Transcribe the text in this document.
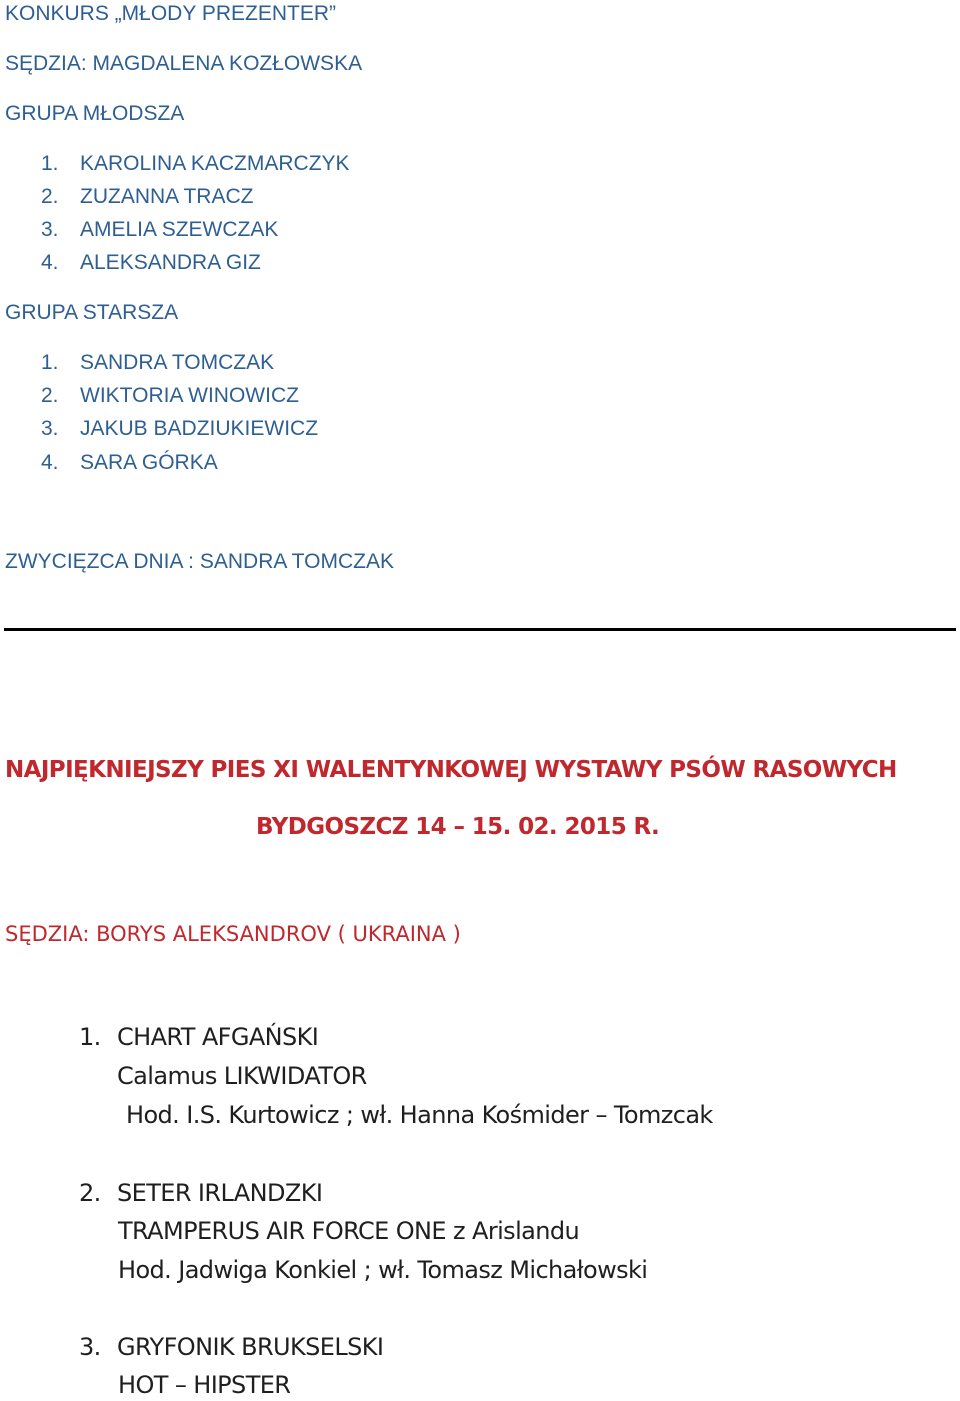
KONKURS „MŁODY PREZENTER”
SĘDZIA: MAGDALENA KOZŁOWSKA
GRUPA MŁODSZA
1.	KAROLINA KACZMARCZYK
2.	ZUZANNA TRACZ
3.	AMELIA SZEWCZAK
4.	ALEKSANDRA GIZ
GRUPA STARSZA
1.	SANDRA TOMCZAK
2.	WIKTORIA WINOWICZ
3.	JAKUB BADZIUKIEWICZ
4.	SARA GÓRKA
ZWYCIĘZCA DNIA : SANDRA TOMCZAK
NAJPIĘKNIEJSZY PIES XI WALENTYNKOWEJ WYSTAWY PSÓW RASOWYCH
BYDGOSZCZ 14 – 15. 02. 2015 R.
SĘDZIA: BORYS ALEKSANDROV ( UKRAINA )
1. CHART AFGAŃSKI
Calamus LIKWIDATOR
Hod. I.S. Kurtowicz ; wł. Hanna Kośmider – Tomzcak
2. SETER IRLANDZKI
TRAMPERUS AIR FORCE ONE z Arislandu
Hod. Jadwiga Konkiel ; wł. Tomasz Michałowski
3. GRYFONIK BRUKSELSKI
HOT – HIPSTER
